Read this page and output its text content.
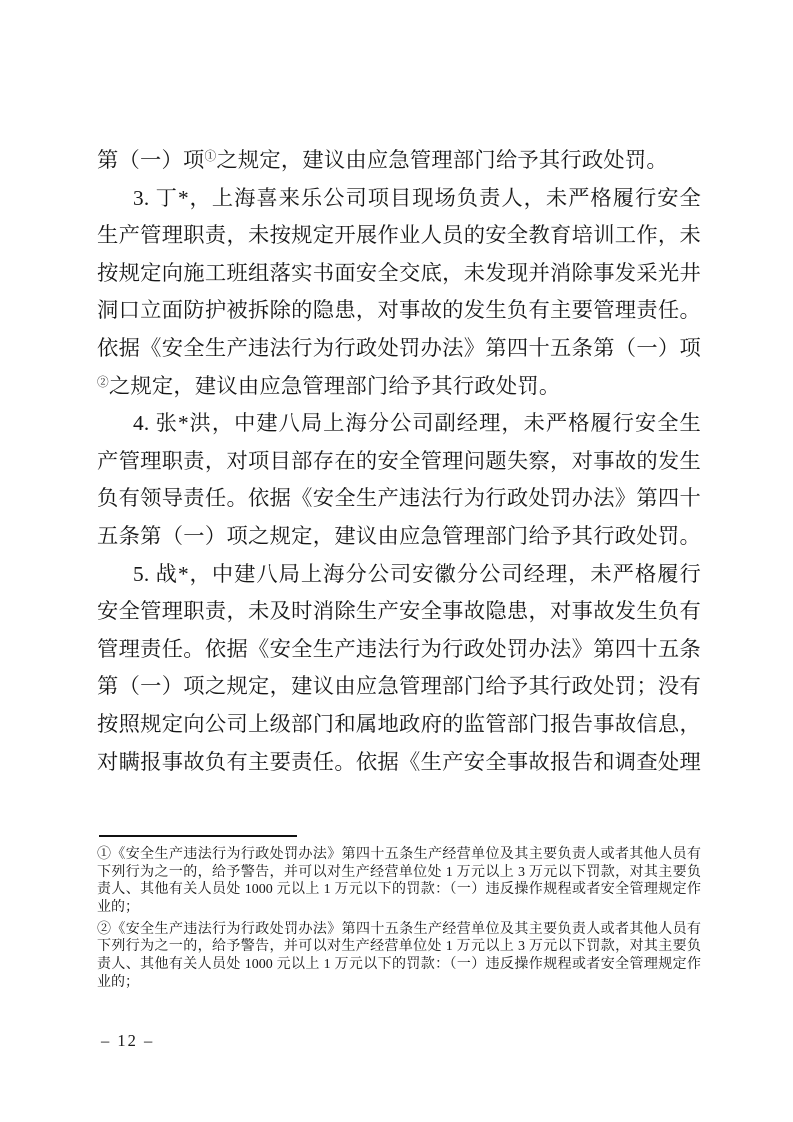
第（一）项①之规定，建议由应急管理部门给予其行政处罚。
3. 丁*，上海喜来乐公司项目现场负责人，未严格履行安全
生产管理职责，未按规定开展作业人员的安全教育培训工作，未
按规定向施工班组落实书面安全交底，未发现并消除事发采光井
洞口立面防护被拆除的隐患，对事故的发生负有主要管理责任。
依据《安全生产违法行为行政处罚办法》第四十五条第（一）项
②之规定，建议由应急管理部门给予其行政处罚。
4. 张*洪，中建八局上海分公司副经理，未严格履行安全生
产管理职责，对项目部存在的安全管理问题失察，对事故的发生
负有领导责任。依据《安全生产违法行为行政处罚办法》第四十
五条第（一）项之规定，建议由应急管理部门给予其行政处罚。
5. 战*，中建八局上海分公司安徽分公司经理，未严格履行
安全管理职责，未及时消除生产安全事故隐患，对事故发生负有
管理责任。依据《安全生产违法行为行政处罚办法》第四十五条
第（一）项之规定，建议由应急管理部门给予其行政处罚；没有
按照规定向公司上级部门和属地政府的监管部门报告事故信息，
对瞒报事故负有主要责任。依据《生产安全事故报告和调查处理
①《安全生产违法行为行政处罚办法》第四十五条生产经营单位及其主要负责人或者其他人员有
下列行为之一的，给予警告，并可以对生产经营单位处 1 万元以上 3 万元以下罚款，对其主要负
责人、其他有关人员处 1000 元以上 1 万元以下的罚款：（一）违反操作规程或者安全管理规定作
业的；
②《安全生产违法行为行政处罚办法》第四十五条生产经营单位及其主要负责人或者其他人员有
下列行为之一的，给予警告，并可以对生产经营单位处 1 万元以上 3 万元以下罚款，对其主要负
责人、其他有关人员处 1000 元以上 1 万元以下的罚款：（一）违反操作规程或者安全管理规定作
业的；
– 12 –
